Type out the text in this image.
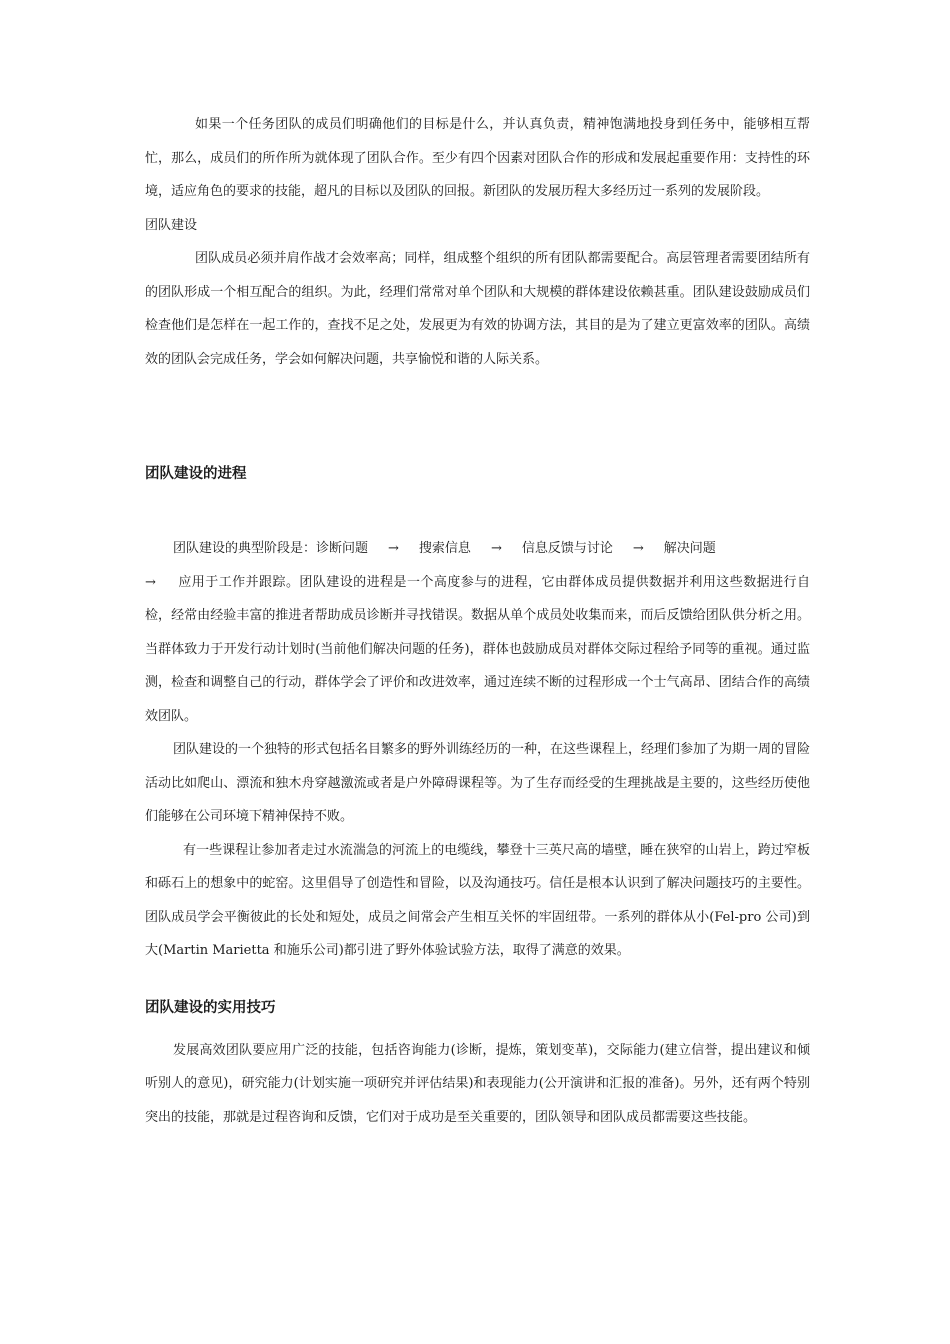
如果一个任务团队的成员们明确他们的目标是什么，并认真负责，精神饱满地投身到任务中，能够相互帮忙，那么，成员们的所作所为就体现了团队合作。至少有四个因素对团队合作的形成和发展起重要作用：支持性的环境，适应角色的要求的技能，超凡的目标以及团队的回报。新团队的发展历程大多经历过一系列的发展阶段。

团队建设

团队成员必须并肩作战才会效率高；同样，组成整个组织的所有团队都需要配合。高层管理者需要团结所有的团队形成一个相互配合的组织。为此，经理们常常对单个团队和大规模的群体建设依赖甚重。团队建设鼓励成员们检查他们是怎样在一起工作的，查找不足之处，发展更为有效的协调方法，其目的是为了建立更富效率的团队。高绩效的团队会完成任务，学会如何解决问题，共享愉悦和谐的人际关系。

团队建设的进程

团队建设的典型阶段是：诊断问题 → 搜索信息 → 信息反馈与讨论 → 解决问题

→ 应用于工作并跟踪。团队建设的进程是一个高度参与的进程，它由群体成员提供数据并利用这些数据进行自检，经常由经验丰富的推进者帮助成员诊断并寻找错误。数据从单个成员处收集而来，而后反馈给团队供分析之用。当群体致力于开发行动计划时(当前他们解决问题的任务)，群体也鼓励成员对群体交际过程给予同等的重视。通过监测，检查和调整自己的行动，群体学会了评价和改进效率，通过连续不断的过程形成一个士气高昂、团结合作的高绩效团队。

团队建设的一个独特的形式包括名目繁多的野外训练经历的一种，在这些课程上，经理们参加了为期一周的冒险活动比如爬山、漂流和独木舟穿越激流或者是户外障碍课程等。为了生存而经受的生理挑战是主要的，这些经历使他们能够在公司环境下精神保持不败。

有一些课程让参加者走过水流湍急的河流上的电缆线，攀登十三英尺高的墙壁，睡在狭窄的山岩上，跨过窄板和砾石上的想象中的蛇窑。这里倡导了创造性和冒险，以及沟通技巧。信任是根本认识到了解决问题技巧的主要性。团队成员学会平衡彼此的长处和短处，成员之间常会产生相互关怀的牢固纽带。一系列的群体从小(Fel-pro 公司)到大(Martin Marietta 和施乐公司)都引进了野外体验试验方法，取得了满意的效果。

团队建设的实用技巧

发展高效团队要应用广泛的技能，包括咨询能力(诊断，提炼，策划变革)，交际能力(建立信誉，提出建议和倾听别人的意见)，研究能力(计划实施一项研究并评估结果)和表现能力(公开演讲和汇报的准备)。另外，还有两个特别突出的技能，那就是过程咨询和反馈，它们对于成功是至关重要的，团队领导和团队成员都需要这些技能。
